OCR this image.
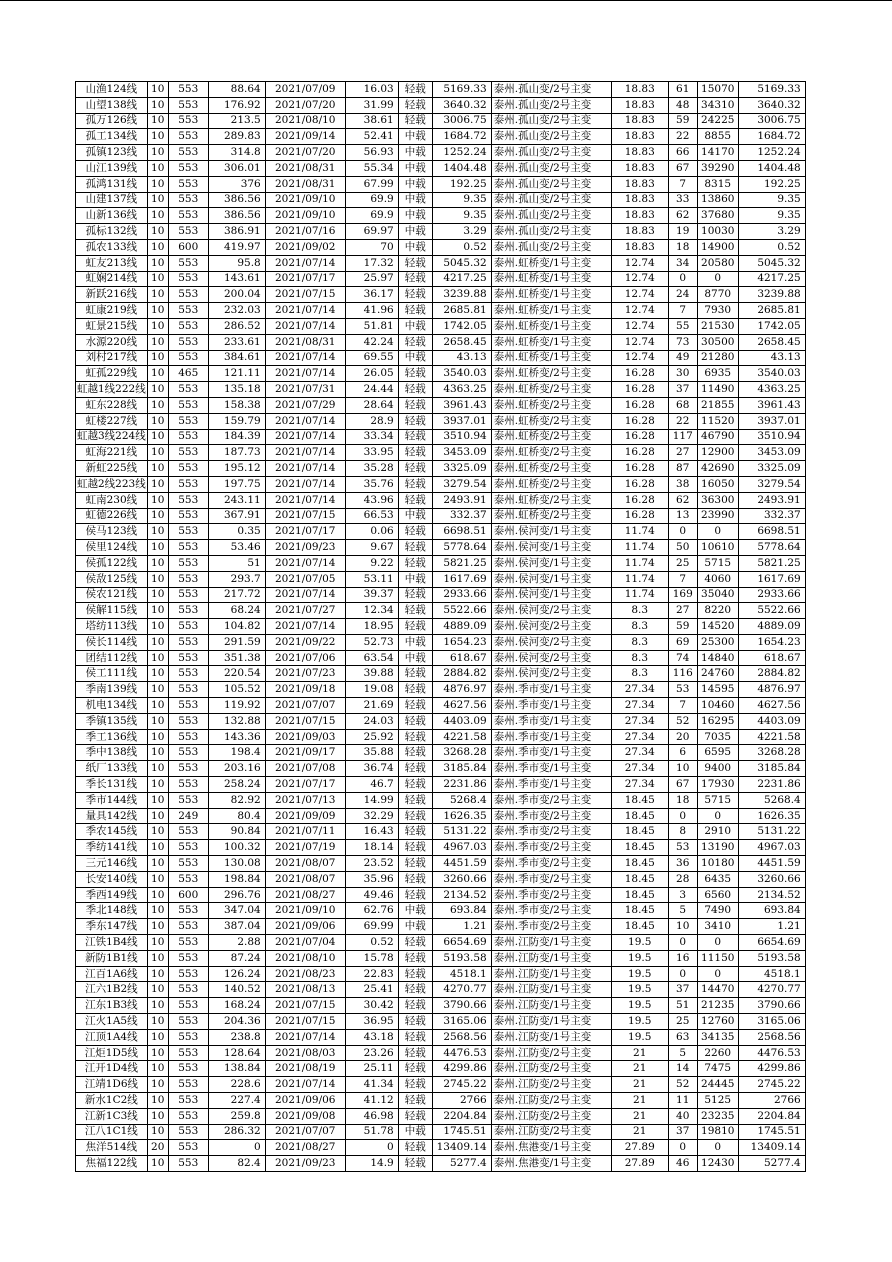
山渔124线	10	553	88.64	2021/07/09	16.03	轻载	5169.33	泰州.孤山变/2号主变	18.83	61	15070	5169.33
山望138线	10	553	176.92	2021/07/20	31.99	轻载	3640.32	泰州.孤山变/2号主变	18.83	48	34310	3640.32
孤万126线	10	553	213.5	2021/08/10	38.61	轻载	3006.75	泰州.孤山变/2号主变	18.83	59	24225	3006.75
孤工134线	10	553	289.83	2021/09/14	52.41	中载	1684.72	泰州.孤山变/2号主变	18.83	22	8855	1684.72
孤镇123线	10	553	314.8	2021/07/20	56.93	中载	1252.24	泰州.孤山变/2号主变	18.83	66	14170	1252.24
山江139线	10	553	306.01	2021/08/31	55.34	中载	1404.48	泰州.孤山变/2号主变	18.83	67	39290	1404.48
孤鸿131线	10	553	376	2021/08/31	67.99	中载	192.25	泰州.孤山变/2号主变	18.83	7	8315	192.25
山建137线	10	553	386.56	2021/09/10	69.9	中载	9.35	泰州.孤山变/2号主变	18.83	33	13860	9.35
山新136线	10	553	386.56	2021/09/10	69.9	中载	9.35	泰州.孤山变/2号主变	18.83	62	37680	9.35
孤标132线	10	553	386.91	2021/07/16	69.97	中载	3.29	泰州.孤山变/2号主变	18.83	19	10030	3.29
孤农133线	10	600	419.97	2021/09/02	70	中载	0.52	泰州.孤山变/2号主变	18.83	18	14900	0.52
虹友213线	10	553	95.8	2021/07/14	17.32	轻载	5045.32	泰州.虹桥变/1号主变	12.74	34	20580	5045.32
虹娴214线	10	553	143.61	2021/07/17	25.97	轻载	4217.25	泰州.虹桥变/1号主变	12.74	0	0	4217.25
新跃216线	10	553	200.04	2021/07/15	36.17	轻载	3239.88	泰州.虹桥变/1号主变	12.74	24	8770	3239.88
虹康219线	10	553	232.03	2021/07/14	41.96	轻载	2685.81	泰州.虹桥变/1号主变	12.74	7	7930	2685.81
虹景215线	10	553	286.52	2021/07/14	51.81	中载	1742.05	泰州.虹桥变/1号主变	12.74	55	21530	1742.05
水源220线	10	553	233.61	2021/08/31	42.24	轻载	2658.45	泰州.虹桥变/1号主变	12.74	73	30500	2658.45
刘村217线	10	553	384.61	2021/07/14	69.55	中载	43.13	泰州.虹桥变/1号主变	12.74	49	21280	43.13
虹孤229线	10	465	121.11	2021/07/14	26.05	轻载	3540.03	泰州.虹桥变/2号主变	16.28	30	6935	3540.03
虹越1线222线	10	553	135.18	2021/07/31	24.44	轻载	4363.25	泰州.虹桥变/2号主变	16.28	37	11490	4363.25
虹东228线	10	553	158.38	2021/07/29	28.64	轻载	3961.43	泰州.虹桥变/2号主变	16.28	68	21855	3961.43
虹楼227线	10	553	159.79	2021/07/14	28.9	轻载	3937.01	泰州.虹桥变/2号主变	16.28	22	11520	3937.01
虹越3线224线	10	553	184.39	2021/07/14	33.34	轻载	3510.94	泰州.虹桥变/2号主变	16.28	117	46790	3510.94
虹海221线	10	553	187.73	2021/07/14	33.95	轻载	3453.09	泰州.虹桥变/2号主变	16.28	27	12900	3453.09
新虹225线	10	553	195.12	2021/07/14	35.28	轻载	3325.09	泰州.虹桥变/2号主变	16.28	87	42690	3325.09
虹越2线223线	10	553	197.75	2021/07/14	35.76	轻载	3279.54	泰州.虹桥变/2号主变	16.28	38	16050	3279.54
虹南230线	10	553	243.11	2021/07/14	43.96	轻载	2493.91	泰州.虹桥变/2号主变	16.28	62	36300	2493.91
虹德226线	10	553	367.91	2021/07/15	66.53	中载	332.37	泰州.虹桥变/2号主变	16.28	13	23990	332.37
侯马123线	10	553	0.35	2021/07/17	0.06	轻载	6698.51	泰州.侯河变/1号主变	11.74	0	0	6698.51
侯里124线	10	553	53.46	2021/09/23	9.67	轻载	5778.64	泰州.侯河变/1号主变	11.74	50	10610	5778.64
侯孤122线	10	553	51	2021/07/14	9.22	轻载	5821.25	泰州.侯河变/1号主变	11.74	25	5715	5821.25
侯敌125线	10	553	293.7	2021/07/05	53.11	中载	1617.69	泰州.侯河变/1号主变	11.74	7	4060	1617.69
侯农121线	10	553	217.72	2021/07/14	39.37	轻载	2933.66	泰州.侯河变/1号主变	11.74	169	35040	2933.66
侯解115线	10	553	68.24	2021/07/27	12.34	轻载	5522.66	泰州.侯河变/2号主变	8.3	27	8220	5522.66
塔纺113线	10	553	104.82	2021/07/14	18.95	轻载	4889.09	泰州.侯河变/2号主变	8.3	59	14520	4889.09
侯长114线	10	553	291.59	2021/09/22	52.73	中载	1654.23	泰州.侯河变/2号主变	8.3	69	25300	1654.23
团结112线	10	553	351.38	2021/07/06	63.54	中载	618.67	泰州.侯河变/2号主变	8.3	74	14840	618.67
侯工111线	10	553	220.54	2021/07/23	39.88	轻载	2884.82	泰州.侯河变/2号主变	8.3	116	24760	2884.82
季南139线	10	553	105.52	2021/09/18	19.08	轻载	4876.97	泰州.季市变/1号主变	27.34	53	14595	4876.97
机电134线	10	553	119.92	2021/07/07	21.69	轻载	4627.56	泰州.季市变/1号主变	27.34	7	10460	4627.56
季镇135线	10	553	132.88	2021/07/15	24.03	轻载	4403.09	泰州.季市变/1号主变	27.34	52	16295	4403.09
季工136线	10	553	143.36	2021/09/03	25.92	轻载	4221.58	泰州.季市变/1号主变	27.34	20	7035	4221.58
季中138线	10	553	198.4	2021/09/17	35.88	轻载	3268.28	泰州.季市变/1号主变	27.34	6	6595	3268.28
纸厂133线	10	553	203.16	2021/07/08	36.74	轻载	3185.84	泰州.季市变/1号主变	27.34	10	9400	3185.84
季长131线	10	553	258.24	2021/07/17	46.7	轻载	2231.86	泰州.季市变/1号主变	27.34	67	17930	2231.86
季市144线	10	553	82.92	2021/07/13	14.99	轻载	5268.4	泰州.季市变/2号主变	18.45	18	5715	5268.4
量具142线	10	249	80.4	2021/09/09	32.29	轻载	1626.35	泰州.季市变/2号主变	18.45	0	0	1626.35
季农145线	10	553	90.84	2021/07/11	16.43	轻载	5131.22	泰州.季市变/2号主变	18.45	8	2910	5131.22
季纺141线	10	553	100.32	2021/07/19	18.14	轻载	4967.03	泰州.季市变/2号主变	18.45	53	13190	4967.03
三元146线	10	553	130.08	2021/08/07	23.52	轻载	4451.59	泰州.季市变/2号主变	18.45	36	10180	4451.59
长安140线	10	553	198.84	2021/08/07	35.96	轻载	3260.66	泰州.季市变/2号主变	18.45	28	6435	3260.66
季西149线	10	600	296.76	2021/08/27	49.46	轻载	2134.52	泰州.季市变/2号主变	18.45	3	6560	2134.52
季北148线	10	553	347.04	2021/09/10	62.76	中载	693.84	泰州.季市变/2号主变	18.45	5	7490	693.84
季东147线	10	553	387.04	2021/09/06	69.99	中载	1.21	泰州.季市变/2号主变	18.45	10	3410	1.21
江铁1B4线	10	553	2.88	2021/07/04	0.52	轻载	6654.69	泰州.江防变/1号主变	19.5	0	0	6654.69
新防1B1线	10	553	87.24	2021/08/10	15.78	轻载	5193.58	泰州.江防变/1号主变	19.5	16	11150	5193.58
江百1A6线	10	553	126.24	2021/08/23	22.83	轻载	4518.1	泰州.江防变/1号主变	19.5	0	0	4518.1
江六1B2线	10	553	140.52	2021/08/13	25.41	轻载	4270.77	泰州.江防变/1号主变	19.5	37	14470	4270.77
江东1B3线	10	553	168.24	2021/07/15	30.42	轻载	3790.66	泰州.江防变/1号主变	19.5	51	21235	3790.66
江火1A5线	10	553	204.36	2021/07/15	36.95	轻载	3165.06	泰州.江防变/1号主变	19.5	25	12760	3165.06
江顶1A4线	10	553	238.8	2021/07/14	43.18	轻载	2568.56	泰州.江防变/1号主变	19.5	63	34135	2568.56
江炬1D5线	10	553	128.64	2021/08/03	23.26	轻载	4476.53	泰州.江防变/2号主变	21	5	2260	4476.53
江开1D4线	10	553	138.84	2021/08/19	25.11	轻载	4299.86	泰州.江防变/2号主变	21	14	7475	4299.86
江靖1D6线	10	553	228.6	2021/07/14	41.34	轻载	2745.22	泰州.江防变/2号主变	21	52	24445	2745.22
新水1C2线	10	553	227.4	2021/09/06	41.12	轻载	2766	泰州.江防变/2号主变	21	11	5125	2766
江新1C3线	10	553	259.8	2021/09/08	46.98	轻载	2204.84	泰州.江防变/2号主变	21	40	23235	2204.84
江八1C1线	10	553	286.32	2021/07/07	51.78	中载	1745.51	泰州.江防变/2号主变	21	37	19810	1745.51
焦洋514线	20	553	0	2021/08/27	0	轻载	13409.14	泰州.焦港变/1号主变	27.89	0	0	13409.14
焦福122线	10	553	82.4	2021/09/23	14.9	轻载	5277.4	泰州.焦港变/1号主变	27.89	46	12430	5277.4
